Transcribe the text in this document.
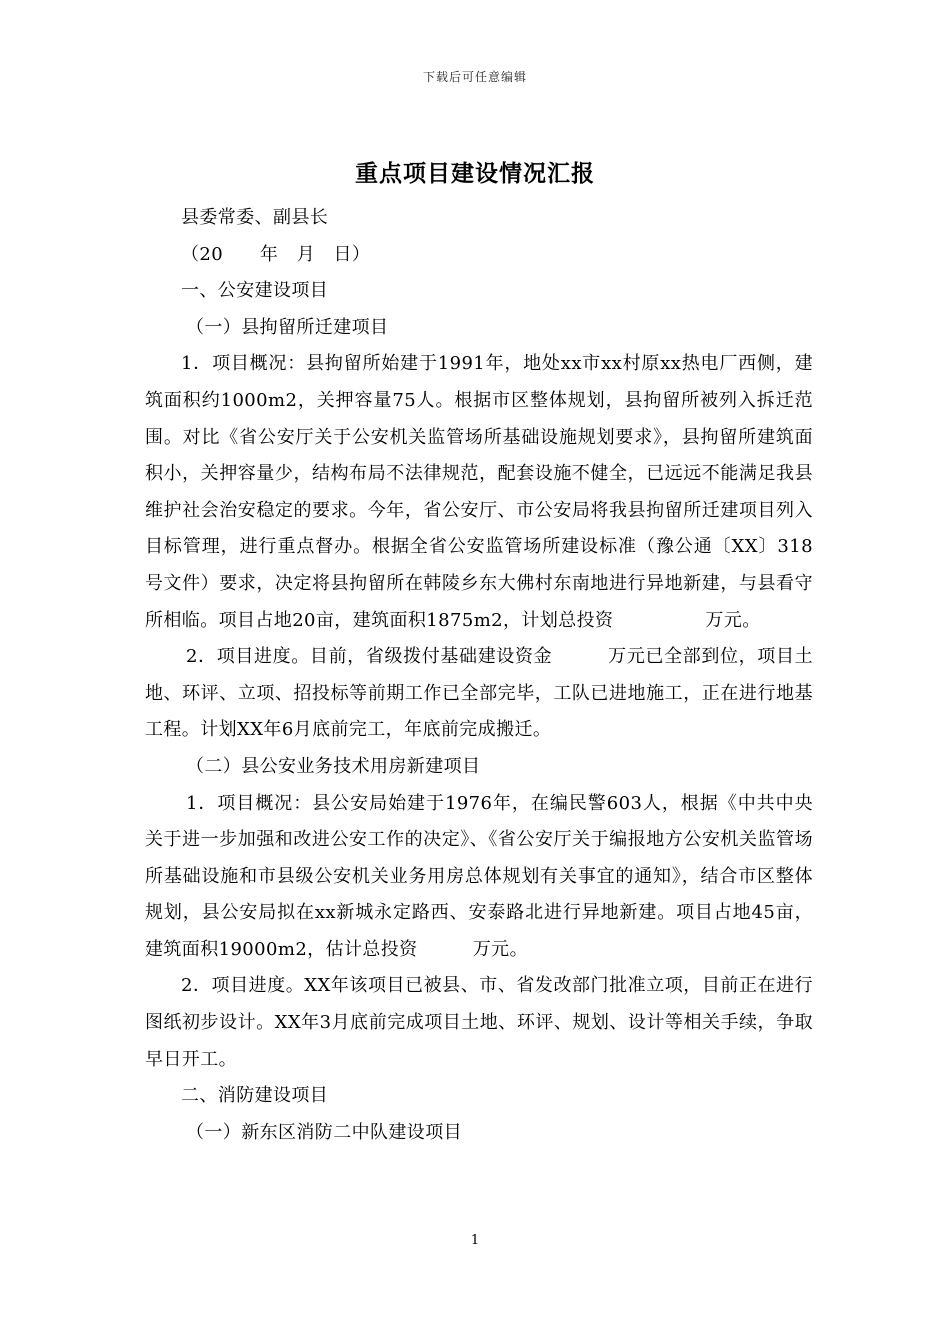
下载后可任意编辑
重点项目建设情况汇报

县委常委、副县长

（20　　年　月　日）

一、公安建设项目

（一）县拘留所迁建项目

1．项目概况：县拘留所始建于1991年，地处xx市xx村原xx热电厂西侧，建筑面积约1000m2，关押容量75人。根据市区整体规划，县拘留所被列入拆迁范围。对比《省公安厅关于公安机关监管场所基础设施规划要求》，县拘留所建筑面积小，关押容量少，结构布局不法律规范，配套设施不健全，已远远不能满足我县维护社会治安稳定的要求。今年，省公安厅、市公安局将我县拘留所迁建项目列入目标管理，进行重点督办。根据全省公安监管场所建设标准（豫公通〔XX〕318号文件）要求，决定将县拘留所在韩陵乡东大佛村东南地进行异地新建，与县看守所相临。项目占地20亩，建筑面积1875m2，计划总投资　　　　　万元。

2．项目进度。目前，省级拨付基础建设资金　　　万元已全部到位，项目土地、环评、立项、招投标等前期工作已全部完毕，工队已进地施工，正在进行地基工程。计划XX年6月底前完工，年底前完成搬迁。

（二）县公安业务技术用房新建项目

1．项目概况：县公安局始建于1976年，在编民警603人，根据《中共中央关于进一步加强和改进公安工作的决定》、《省公安厅关于编报地方公安机关监管场所基础设施和市县级公安机关业务用房总体规划有关事宜的通知》，结合市区整体规划，县公安局拟在xx新城永定路西、安泰路北进行异地新建。项目占地45亩，建筑面积19000m2，估计总投资　　　万元。

2．项目进度。XX年该项目已被县、市、省发改部门批准立项，目前正在进行图纸初步设计。XX年3月底前完成项目土地、环评、规划、设计等相关手续，争取早日开工。

二、消防建设项目

（一）新东区消防二中队建设项目

1
